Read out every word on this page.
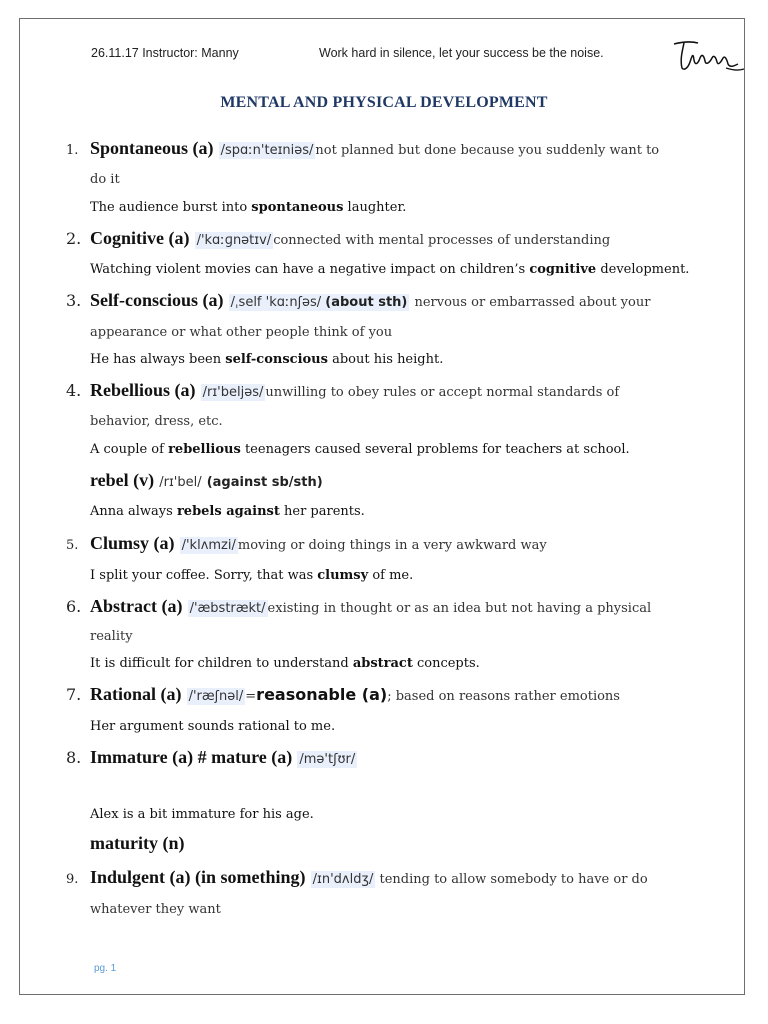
26.11.17 Instructor: Manny	Work hard in silence, let your success be the noise.
MENTAL AND PHYSICAL DEVELOPMENT
1. Spontaneous (a) /spɑːn'teɪniəs/ not planned but done because you suddenly want to
do it
The audience burst into spontaneous laughter.
2. Cognitive (a) /'kɑːɡnətɪv/ connected with mental processes of understanding
Watching violent movies can have a negative impact on children’s cognitive development.
3. Self-conscious (a) /ˌself 'kɑːnʃəs/ (about sth) nervous or embarrassed about your
appearance or what other people think of you
He has always been self-conscious about his height.
4. Rebellious (a) /rɪ'beljəs/ unwilling to obey rules or accept normal standards of
behavior, dress, etc.
A couple of rebellious teenagers caused several problems for teachers at school.
rebel (v) /rɪ'bel/ (against sb/sth)
Anna always rebels against her parents.
5. Clumsy (a) /'klʌmzi/ moving or doing things in a very awkward way
I split your coffee. Sorry, that was clumsy of me.
6. Abstract (a) /'æbstrækt/ existing in thought or as an idea but not having a physical
reality
It is difficult for children to understand abstract concepts.
7. Rational (a) /'ræʃnəl/ =reasonable (a); based on reasons rather emotions
Her argument sounds rational to me.
8. Immature (a) # mature (a) /mə'tʃʊr/
Alex is a bit immature for his age.
maturity (n)
9. Indulgent (a) (in something) /ɪn'dʌldʒ/ tending to allow somebody to have or do
whatever they want
pg. 1
